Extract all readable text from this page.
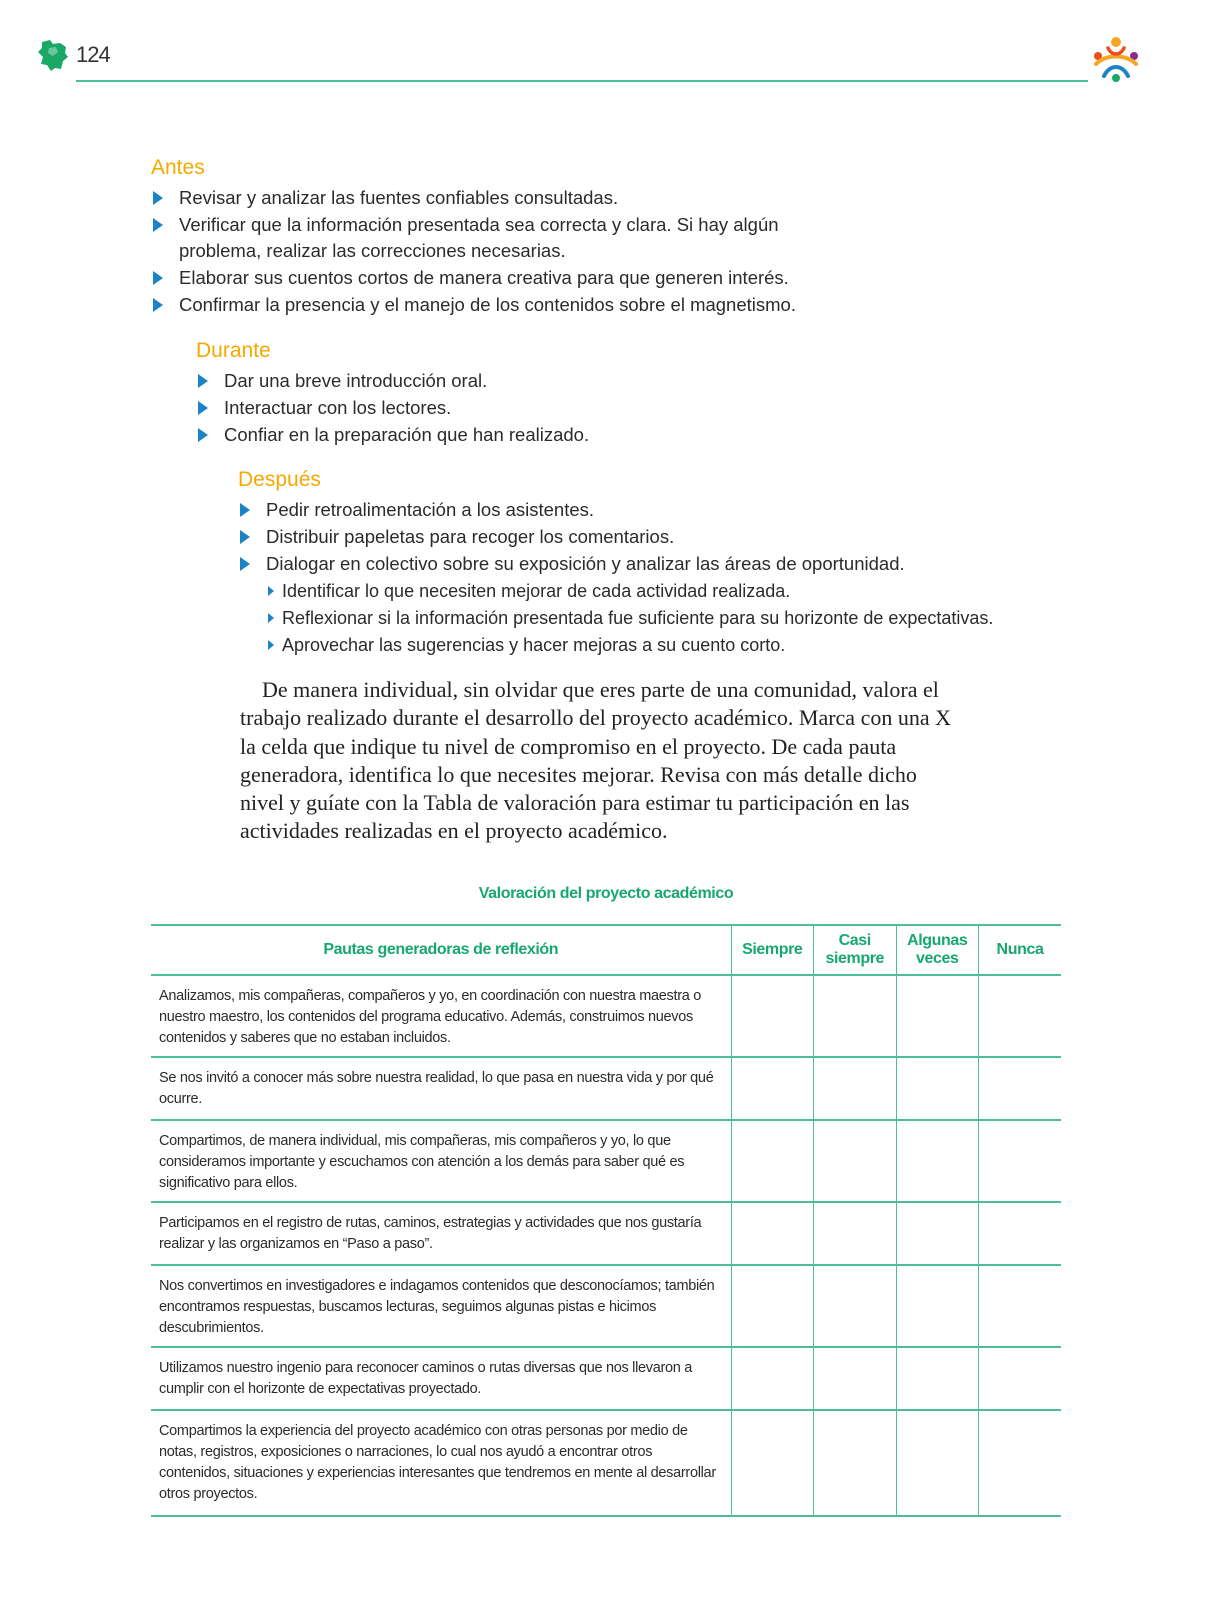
124
Antes
Revisar y analizar las fuentes confiables consultadas.
Verificar que la información presentada sea correcta y clara. Si hay algún problema, realizar las correcciones necesarias.
Elaborar sus cuentos cortos de manera creativa para que generen interés.
Confirmar la presencia y el manejo de los contenidos sobre el magnetismo.
Durante
Dar una breve introducción oral.
Interactuar con los lectores.
Confiar en la preparación que han realizado.
Después
Pedir retroalimentación a los asistentes.
Distribuir papeletas para recoger los comentarios.
Dialogar en colectivo sobre su exposición y analizar las áreas de oportunidad.
Identificar lo que necesiten mejorar de cada actividad realizada.
Reflexionar si la información presentada fue suficiente para su horizonte de expectativas.
Aprovechar las sugerencias y hacer mejoras a su cuento corto.

De manera individual, sin olvidar que eres parte de una comunidad, valora el trabajo realizado durante el desarrollo del proyecto académico. Marca con una X la celda que indique tu nivel de compromiso en el proyecto. De cada pauta generadora, identifica lo que necesites mejorar. Revisa con más detalle dicho nivel y guíate con la Tabla de valoración para estimar tu participación en las actividades realizadas en el proyecto académico.

Valoración del proyecto académico
Pautas generadoras de reflexión	Siempre	Casi siempre	Algunas veces	Nunca
Analizamos, mis compañeras, compañeros y yo, en coordinación con nuestra maestra o nuestro maestro, los contenidos del programa educativo. Además, construimos nuevos contenidos y saberes que no estaban incluidos.				
Se nos invitó a conocer más sobre nuestra realidad, lo que pasa en nuestra vida y por qué ocurre.				
Compartimos, de manera individual, mis compañeras, mis compañeros y yo, lo que consideramos importante y escuchamos con atención a los demás para saber qué es significativo para ellos.				
Participamos en el registro de rutas, caminos, estrategias y actividades que nos gustaría realizar y las organizamos en “Paso a paso”.				
Nos convertimos en investigadores e indagamos contenidos que desconocíamos; también encontramos respuestas, buscamos lecturas, seguimos algunas pistas e hicimos descubrimientos.				
Utilizamos nuestro ingenio para reconocer caminos o rutas diversas que nos llevaron a cumplir con el horizonte de expectativas proyectado.				
Compartimos la experiencia del proyecto académico con otras personas por medio de notas, registros, exposiciones o narraciones, lo cual nos ayudó a encontrar otros contenidos, situaciones y experiencias interesantes que tendremos en mente al desarrollar otros proyectos.				
